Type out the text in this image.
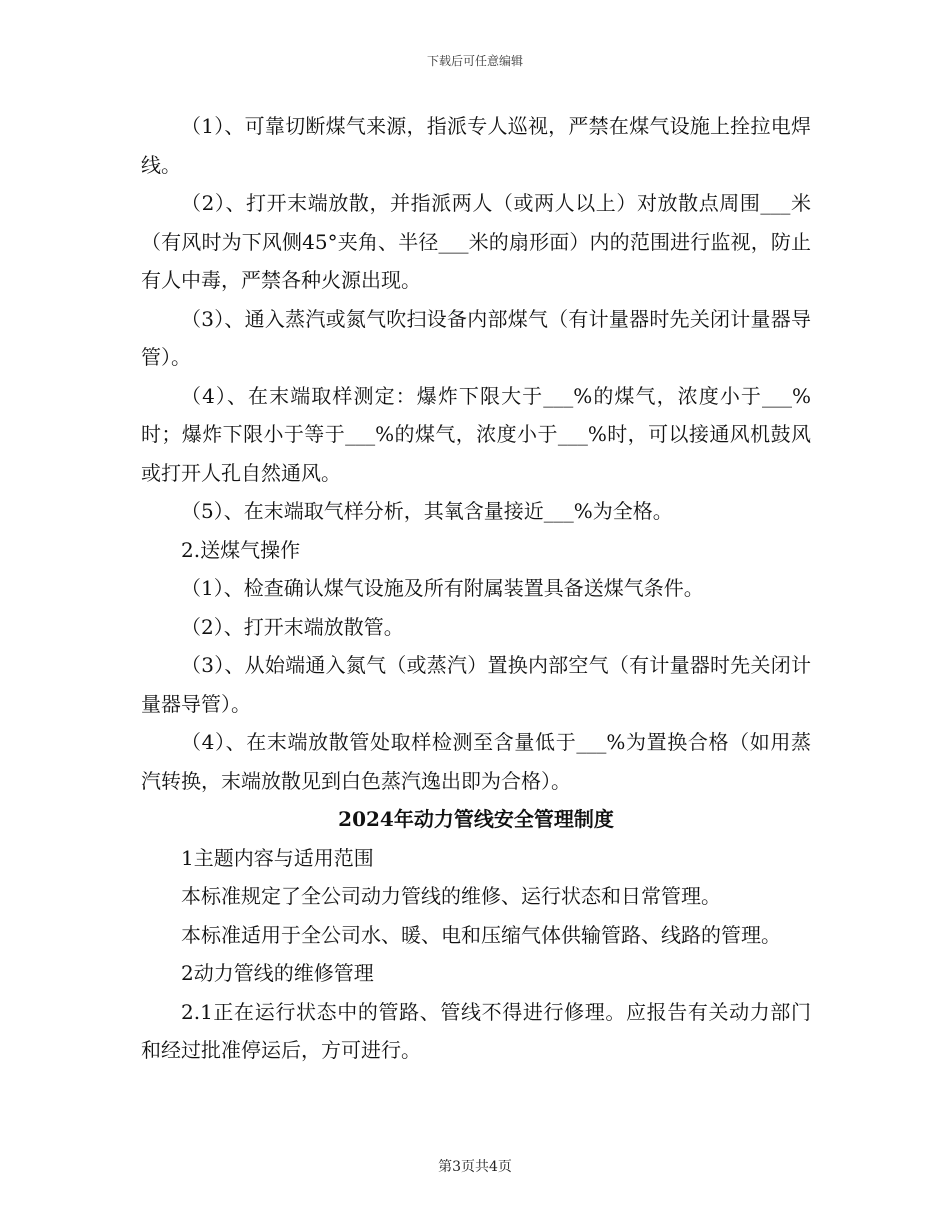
下载后可任意编辑

（1）、可靠切断煤气来源，指派专人巡视，严禁在煤气设施上拴拉电焊线。

（2）、打开末端放散，并指派两人（或两人以上）对放散点周围___米（有风时为下风侧45°夹角、半径___米的扇形面）内的范围进行监视，防止有人中毒，严禁各种火源出现。

（3）、通入蒸汽或氮气吹扫设备内部煤气（有计量器时先关闭计量器导管）。

（4）、在末端取样测定：爆炸下限大于___%的煤气，浓度小于___%时；爆炸下限小于等于___%的煤气，浓度小于___%时，可以接通风机鼓风或打开人孔自然通风。

（5）、在末端取气样分析，其氧含量接近___%为全格。

2.送煤气操作

（1）、检查确认煤气设施及所有附属装置具备送煤气条件。

（2）、打开末端放散管。

（3）、从始端通入氮气（或蒸汽）置换内部空气（有计量器时先关闭计量器导管）。

（4）、在末端放散管处取样检测至含量低于___%为置换合格（如用蒸汽转换，末端放散见到白色蒸汽逸出即为合格）。

2024年动力管线安全管理制度

1主题内容与适用范围

本标准规定了全公司动力管线的维修、运行状态和日常管理。

本标准适用于全公司水、暖、电和压缩气体供输管路、线路的管理。

2动力管线的维修管理

2.1正在运行状态中的管路、管线不得进行修理。应报告有关动力部门和经过批准停运后，方可进行。

第3页共4页
